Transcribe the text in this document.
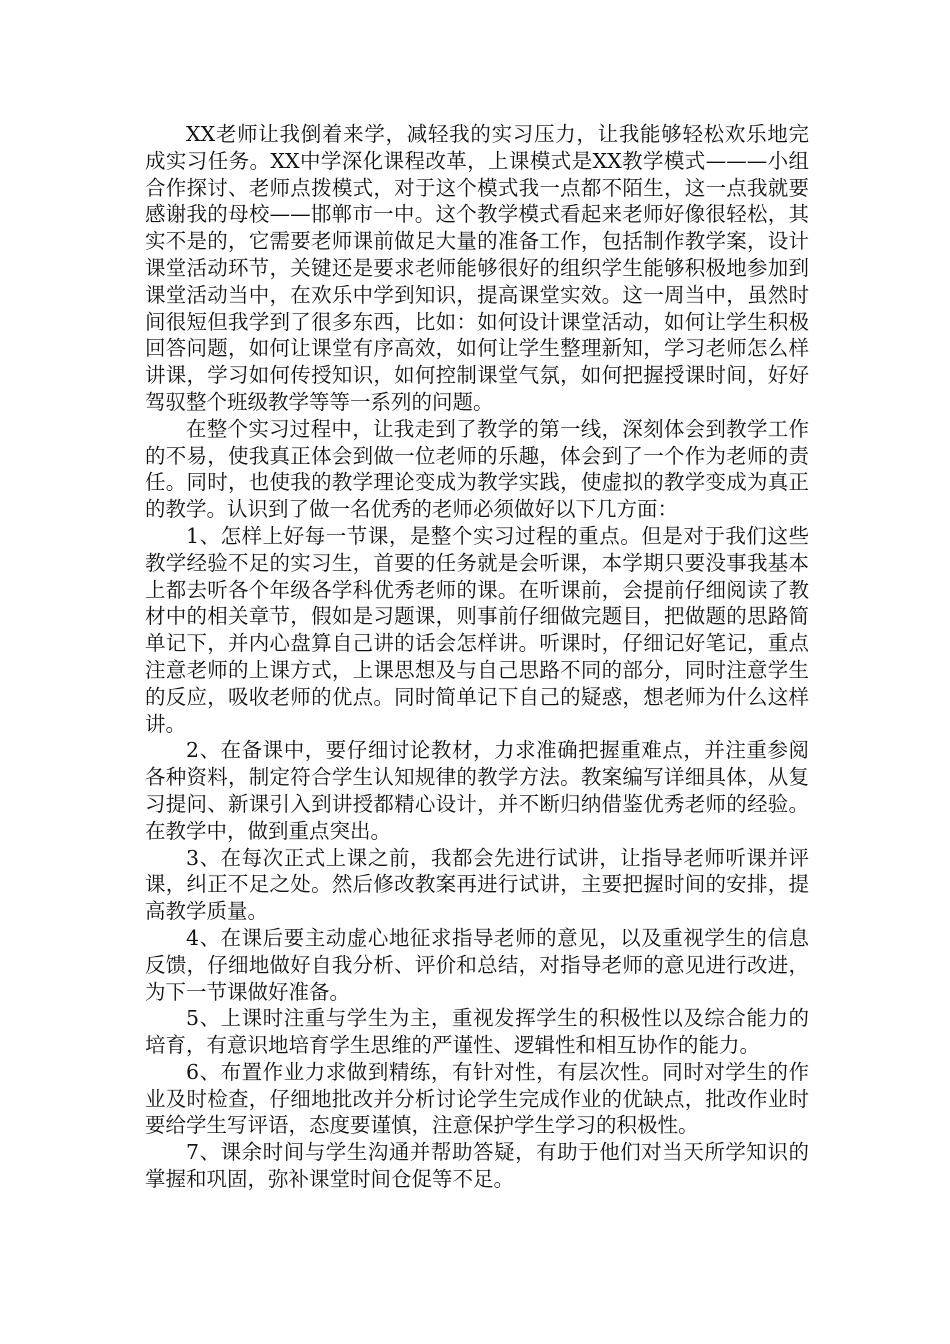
XX老师让我倒着来学，减轻我的实习压力，让我能够轻松欢乐地完成实习任务。XX中学深化课程改革，上课模式是XX教学模式———小组合作探讨、老师点拨模式，对于这个模式我一点都不陌生，这一点我就要感谢我的母校——邯郸市一中。这个教学模式看起来老师好像很轻松，其实不是的，它需要老师课前做足大量的准备工作，包括制作教学案，设计课堂活动环节，关键还是要求老师能够很好的组织学生能够积极地参加到课堂活动当中，在欢乐中学到知识，提高课堂实效。这一周当中，虽然时间很短但我学到了很多东西，比如：如何设计课堂活动，如何让学生积极回答问题，如何让课堂有序高效，如何让学生整理新知，学习老师怎么样讲课，学习如何传授知识，如何控制课堂气氛，如何把握授课时间，好好驾驭整个班级教学等等一系列的问题。

在整个实习过程中，让我走到了教学的第一线，深刻体会到教学工作的不易，使我真正体会到做一位老师的乐趣，体会到了一个作为老师的责任。同时，也使我的教学理论变成为教学实践，使虚拟的教学变成为真正的教学。认识到了做一名优秀的老师必须做好以下几方面：

1、怎样上好每一节课，是整个实习过程的重点。但是对于我们这些教学经验不足的实习生，首要的任务就是会听课，本学期只要没事我基本上都去听各个年级各学科优秀老师的课。在听课前，会提前仔细阅读了教材中的相关章节，假如是习题课，则事前仔细做完题目，把做题的思路简单记下，并内心盘算自己讲的话会怎样讲。听课时，仔细记好笔记，重点注意老师的上课方式，上课思想及与自己思路不同的部分，同时注意学生的反应，吸收老师的优点。同时简单记下自己的疑惑，想老师为什么这样讲。

2、在备课中，要仔细讨论教材，力求准确把握重难点，并注重参阅各种资料，制定符合学生认知规律的教学方法。教案编写详细具体，从复习提问、新课引入到讲授都精心设计，并不断归纳借鉴优秀老师的经验。在教学中，做到重点突出。

3、在每次正式上课之前，我都会先进行试讲，让指导老师听课并评课，纠正不足之处。然后修改教案再进行试讲，主要把握时间的安排，提高教学质量。

4、在课后要主动虚心地征求指导老师的意见，以及重视学生的信息反馈，仔细地做好自我分析、评价和总结，对指导老师的意见进行改进，为下一节课做好准备。

5、上课时注重与学生为主，重视发挥学生的积极性以及综合能力的培育，有意识地培育学生思维的严谨性、逻辑性和相互协作的能力。

6、布置作业力求做到精练，有针对性，有层次性。同时对学生的作业及时检查，仔细地批改并分析讨论学生完成作业的优缺点，批改作业时要给学生写评语，态度要谨慎，注意保护学生学习的积极性。

7、课余时间与学生沟通并帮助答疑，有助于他们对当天所学知识的掌握和巩固，弥补课堂时间仓促等不足。
